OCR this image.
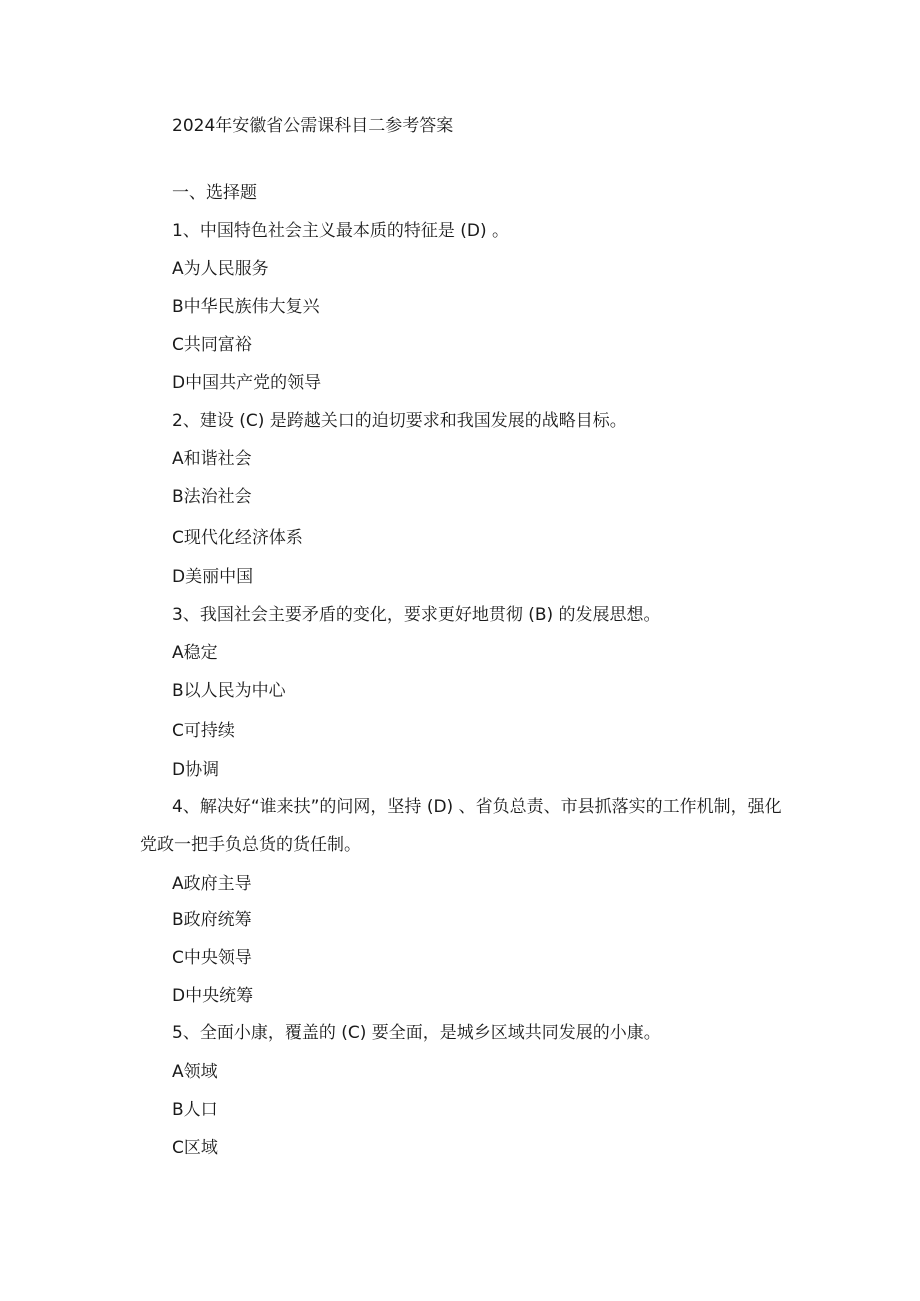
2024年安徽省公需课科目二参考答案
一、选择题
1、中国特色社会主义最本质的特征是 (D) 。
A为人民服务
B中华民族伟大复兴
C共同富裕
D中国共产党的领导
2、建设 (C) 是跨越关口的迫切要求和我国发展的战略目标。
A和谐社会
B法治社会
C现代化经济体系
D美丽中国
3、我国社会主要矛盾的变化，要求更好地贯彻 (B) 的发展思想。
A稳定
B以人民为中心
C可持续
D协调
4、解决好“谁来扶”的问网，坚持 (D) 、省负总责、市县抓落实的工作机制，强化党政一把手负总货的货任制。
A政府主导
B政府统筹
C中央领导
D中央统筹
5、全面小康，覆盖的 (C) 要全面，是城乡区域共同发展的小康。
A领域
B人口
C区域
